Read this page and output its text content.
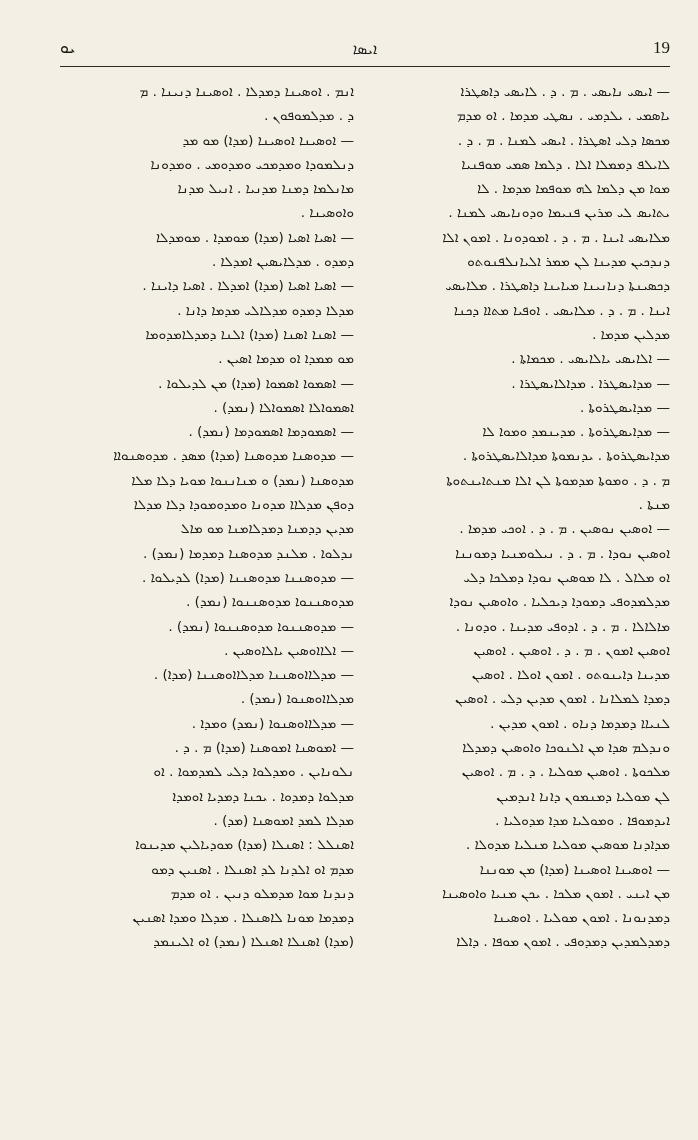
ܝܘ	ܐܝܣܐ	19
— ܐܝܣܝ ܢܐܝܣܝ . ܡ . ܕ . ܠܐܝܣܝ ܕܐܣܛܪܐ
ܝܐܣܡܝ . ܝܠܕܡܝ . ܢܣܛܝ ܡܕܡܐ . ܐܘ ܡܕܡ
ܡܟܣܐ ܕܠܝ ܐܣܛܪܐ . ܐܝܣܝ ܠܡܢܐ . ܡ . ܕ .
ܠܐܝܠܦ ܕܡܡܠܐ ܐܠܐ . ܕܠܡܐ ܣܡܝ ܡܘܦܢܝܐ
ܡܘܐ ܡܢ ܕܠܡܐ ܠܗ ܡܘܦܡܐ ܡܕܡܐ . ܠܐ
ܝܬܐܝܣ ܠܝ ܡܪܝܢ ܦܢܝܡܐ ܘܕܘܢܐܝܣܝ ܠܡܢܐ .
ܡܠܐܝܣܝ ܐܝܢܐ . ܡ . ܕ . ܐܡܘܕܘܢܐ . ܐܡܘܢ ܐܠܐ
ܕܢܕܟܝܢ ܡܕܝܢܐ ܠܢ ܡܡܪ ܐܠܝܐܢܠܦܢܘܬܘ
ܕܟܣܝܢܬܐ ܕܢܐܢܝܢܐ ܡܝܐܝܢܐ ܕܐܣܛܪܐ . ܡܠܐܝܣܝ
ܐܝܢܐ . ܡ . ܕ . ܡܠܐܝܣܝ . ܐܘܦܝܐ ܡܬܐܐ ܕܟܢܐ
ܡܕܠܝܢ ܡܕܡܐ .
— ܐܠܐܝܣܝ ܝܐܠܐܝܣܝ . ܡܟܡܐܬܐ .
— ܡܕܐܝܣܛܪܐ . ܡܕܐܠܐܝܣܛܪܐ .
— ܡܕܐܝܣܛܪܘܬܐ .
— ܡܕܐܝܣܛܪܘܬܐ . ܡܕܝܢܡܕ ܘܡܘܐ ܠܐ
ܡܕܐܝܣܛܪܘܬܐ . ܝܕܢܡܘܬܐ ܡܕܐܠܐܝܣܛܪܘܬܐ .
ܡ . ܕ . ܘܡܘܬܐ ܡܕܡܘܬܐ ܠܢ ܐܠܐ ܡܢܬܐܝܢܬܘܬܐ
ܡܢܬܐ .
— ܐܘܣܝܢ ܢܘܣܝܢ . ܡ . ܕ . ܐܘܟܝ ܡܕܡܐ .
ܐܘܣܝܢ ܢܘܕܐ . ܡ . ܕ . ܢܝܠܘܡܢܝܐ ܕܡܘܢܢܐ
ܐܘ ܡܠܐܠ . ܠܐ ܡܘܣܝܢ ܢܘܕܐ ܕܡܠܟܐ ܕܠܝ
ܡܕܠܡܕܘܦܝ ܕܡܘܕܐ ܕܝܟܠܝܐ . ܘܐܘܣܝܢ ܢܘܕܐ
ܡܐܠܐܠܐ . ܡ . ܕ . ܐܕܘܦܝ ܡܕܝܢܐ . ܘܕܘܢܐ .
ܐܘܣܝܢ ܐܡܘܢ . ܡ . ܕ . ܐܘܣܝܢ . ܐܘܣܝܢ
ܡܕܝܢܐ ܕܐܝܢܘܬܘ . ܐܡܘܢ ܐܘܠܐ . ܐܘܣܝܢ
ܕܡܕܐ ܠܡܠܐܢܐ . ܐܡܘܢ ܡܕܝܢ ܕܠܝ . ܐܘܣܝܢ
ܠܢܝܐܐ ܕܡܕܡܐ ܕܢܐܘ . ܐܡܘܢ ܡܕܝܢ .
ܘܢܕܠܡ ܣܕܐ ܡܢ ܐܠܢܘܟܐ ܘܐܘܣܝܢ ܕܡܕܠܐ
ܡܠܟܘܬܐ . ܐܘܣܝܢ ܡܘܠܝܐ . ܕ . ܡ . ܐܘܣܝܢ
ܠܢ ܡܘܠܝܐ ܕܡܢܡܘܢ ܕܐܢܐ ܐܢܕܡܝܢ
ܐܝܕܡܘܦܐ . ܘܡܘܠܝܐ ܡܕܐ ܡܕܘܠܝܐ .
ܡܕܐܕܢܐ ܡܘܣܝܢ ܡܘܠܝܐ ܡܢܠܝܐ ܡܕܘܠܐ .
— ܐܘܣܝܢܐ ܐܘܣܝܢܐ (ܡܕܐ) ܡܢ ܡܘܢܢܐ
ܡܢ ܐܝܢܝ . ܐܡܘܢ ܡܠܟܐ . ܝܟܢ ܡܢܝܐ ܘܐܘܣܝܢܐ
ܕܡܕܢܘܢܐ . ܐܡܘܢ ܡܘܠܝܐ . ܐܘܣܝܢܐ
ܕܡܕܠܡܕܝܢ ܕܡܕܘܦܝ . ܐܡܘܢ ܡܘܦܐ . ܕܐܠܐ
ܐܢܡ . ܐܘܣܝܢܐ ܕܡܕܠܐ . ܐܘܣܝܢܐ ܕܢܝܢܐ . ܡ
ܕ . ܡܕܠܡܘܦܘܢ .
— ܐܘܣܝܢܐ ܐܘܣܝܢܐ (ܡܕܐ) ܡܘ ܡܕ
ܕܢܠܡܘܕܐ ܘܡܕܡܟܝ ܘܡܕܘܡܝ . ܘܡܕܘܢܐ
ܡܐܢܠܡܐ ܕܡܢܐ ܡܕܢܝܐ . ܐܢܝܠ ܡܕܢܐ
ܘܐܘܣܝܢܐ .
— ܐܣܝܐ ܐܣܝܐ (ܡܕܐ) ܡܘܡܕܐ . ܡܘܡܕܠܐ
ܕܡܕܘ . ܡܕܠܐܝܣܝܢ ܐܡܕܠܐ .
— ܐܣܝܐ ܐܣܝܐ (ܡܕܐ) ܐܡܕܠܐ . ܐܣܝܐ ܕܐܝܢܐ .
ܡܕܠܐ ܕܡܕܘ ܡܕܠܐܠܝ ܡܕܡܐ ܕܐܢܐ .
— ܐܣܢܐ ܐܣܢܐ (ܡܕܐ) ܐܠܢܐ ܕܡܕܠܐܡܕܘܡܐ
ܡܘ ܡܡܕܐ ܐܘ ܡܕܡܐ ܐܣܝܢ .
— ܐܣܡܘܐ ܐܣܡܘܐ (ܡܕܐ) ܡܢ ܠܕܝܠܘܐ .
ܐܣܡܘܐܠܐ ܐܣܡܘܐܠܐ (ܢܡܕ) .
— ܐܣܡܘܕܡܐ ܐܣܡܘܕܡܐ (ܢܡܕ) .
— ܡܕܘܣܢܐ ܡܕܘܣܢܐ (ܡܕܐ) ܡܣܕ . ܡܕܘܣܢܘܐܐ
ܡܕܘܣܢܐ (ܢܡܕ) ܘ ܡܢܐܢܢܘܐ ܡܘܝܐ ܕܠܐ ܡܠܐ
ܕܘܦܢ ܡܕܠܐܐ ܡܕܘܢܐ ܘܡܕܘܡܘܕܐ ܕܠܐ ܡܕܠܐ
ܡܕܝܢ ܕܕܡܢܐ ܕܡܕܠܐܡܢܐ ܡܘ ܡܐܠ
ܢܕܠܘܐ . ܡܠܢܕ ܡܕܘܣܢܐ ܕܡܕܡܐ (ܢܡܕ) .
— ܡܕܘܣܢܢܐ ܡܕܘܣܢܢܐ (ܡܕܐ) ܠܕܝܠܘܐ .
ܡܕܘܣܢܢܘܐ ܡܕܘܣܢܢܘܐ (ܢܡܕ) .
— ܡܕܘܣܢܢܘܐ ܡܕܘܣܢܢܘܐ (ܢܡܕ) .
— ܐܠܐܐܘܣܝܢ ܝܐܠܐܘܣܝܢ .
— ܡܕܠܐܐܘܣܢܢܐ ܡܕܠܐܐܘܣܢܢܐ (ܡܕܐ) .
ܡܕܠܐܐܘܣܢܘܐ (ܢܡܕ) .
— ܡܕܠܐܐܘܣܢܘܐ (ܢܡܕ) ܘܡܕܐ .
— ܐܡܘܣܢܐ ܐܡܘܣܢܐ (ܡܕܐ) ܡ . ܕ .
ܢܠܘܢܐܝܢ . ܘܡܕܠܘܐ ܕܠܝ ܠܡܕܡܘܐ . ܐܘ
ܡܕܠܘܐ ܕܡܕܘܐ . ܝܟܢܐ ܕܡܕܝܐ ܐܘܡܕܐ
ܡܕܠܐ ܠܡܕ ܐܡܘܣܢܐ (ܡܕ) .
ܐܣܢܠܠ : ܐܣܢܠܐ (ܡܕܐ) ܡܘܕܝܐܠܝܢ ܡܕܝܢܘܐ
ܡܕܡ ܐܘ ܐܠܕܢܐ ܠܕ ܐܣܢܠܐ . ܐܣܢܝܢ ܕܡܘ
ܕܢܕܢܐ ܡܘܐ ܡܕܡܠܘ ܕܢܝܢ . ܐܘ ܡܕܡ
ܕܡܕܡܐ ܡܘܢܐ ܠܐܣܢܠܐ . ܡܕܠܐ ܘܡܕܐ ܐܣܢܝܢ
(ܡܕܐ) ܐܣܢܠܐ ܐܣܢܠܐ (ܢܡܕ) ܐܘ ܐܠܝܢܡܕ
